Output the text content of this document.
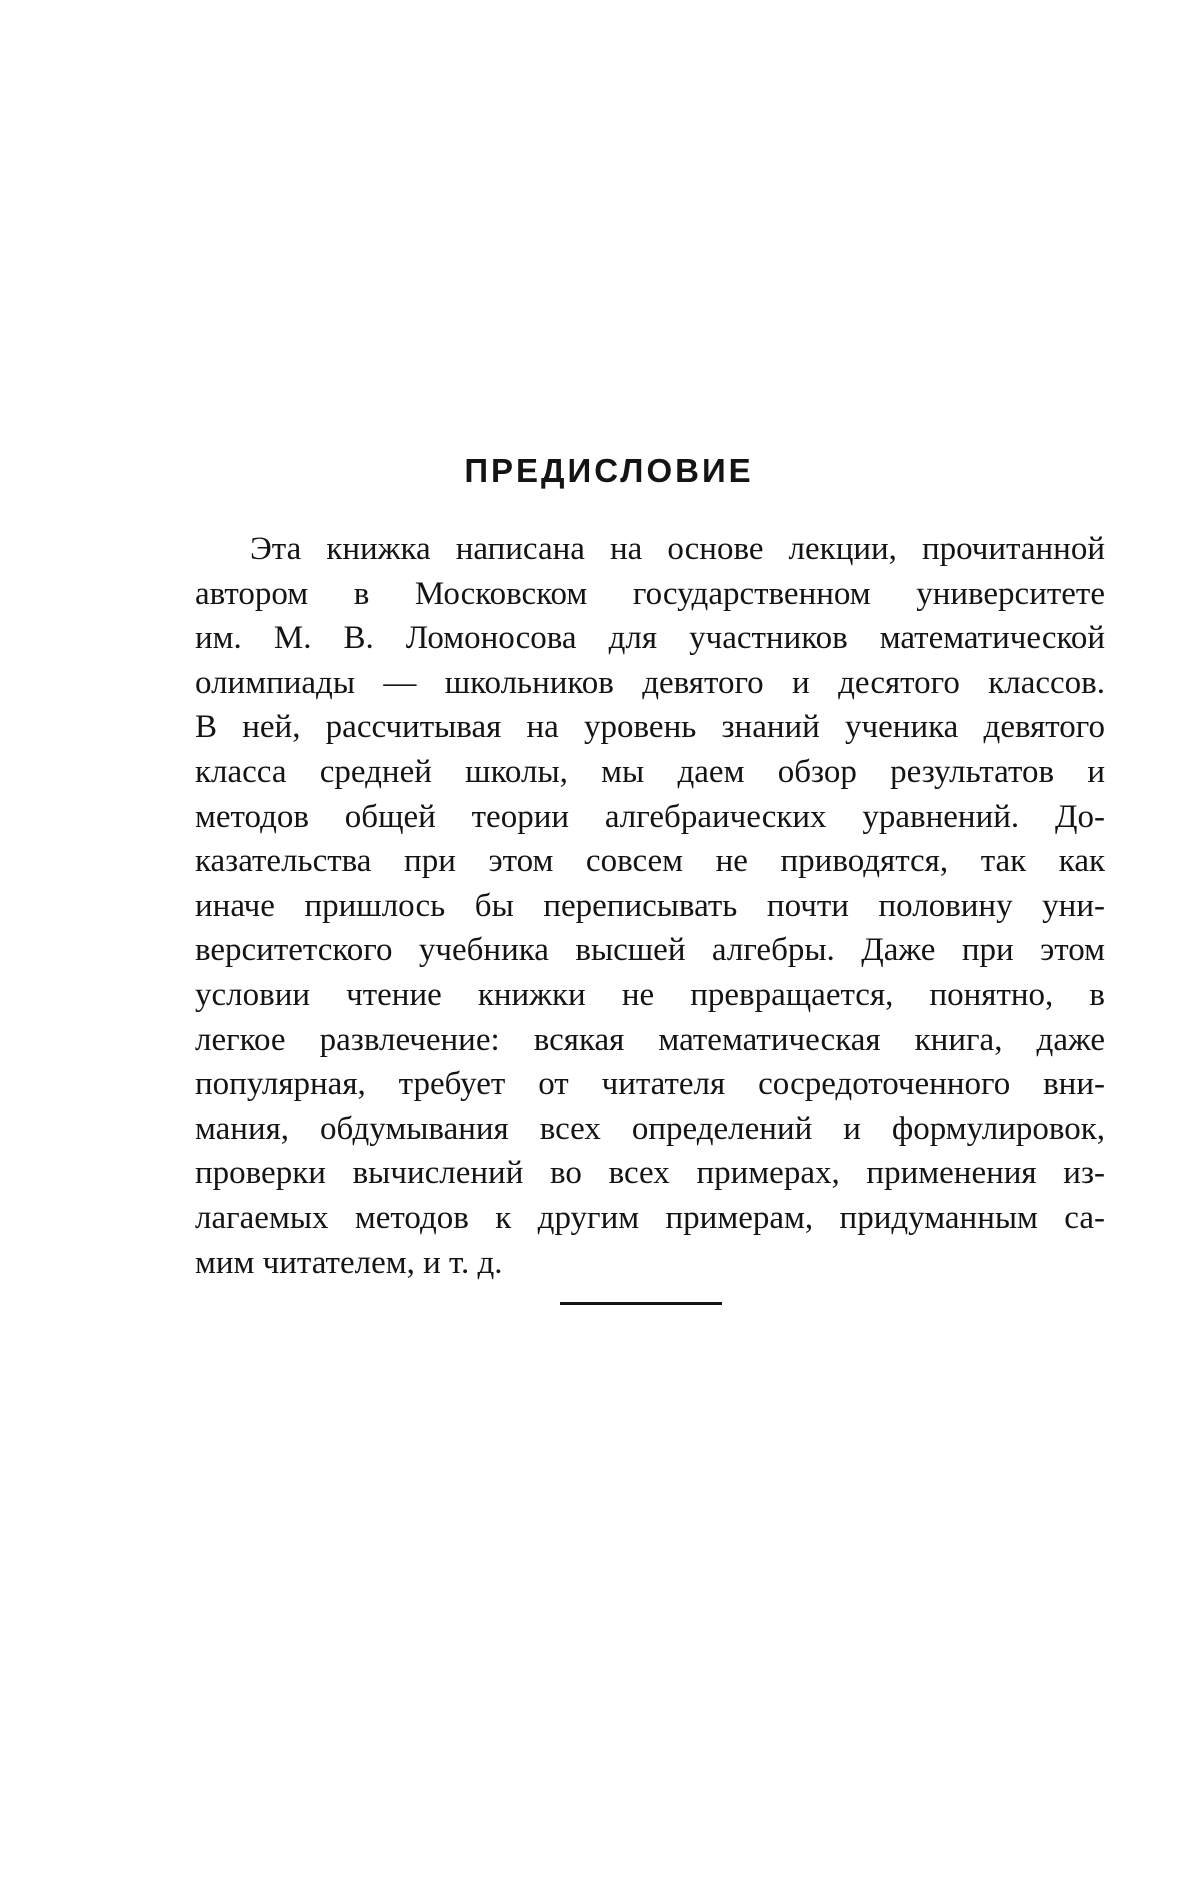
ПРЕДИСЛОВИЕ
Эта книжка написана на основе лекции, прочитанной
автором в Московском государственном университете
им. М. В. Ломоносова для участников математической
олимпиады — школьников девятого и десятого классов.
В ней, рассчитывая на уровень знаний ученика девятого
класса средней школы, мы даем обзор результатов и
методов общей теории алгебраических уравнений. До-
казательства при этом совсем не приводятся, так как
иначе пришлось бы переписывать почти половину уни-
верситетского учебника высшей алгебры. Даже при этом
условии чтение книжки не превращается, понятно, в
легкое развлечение: всякая математическая книга, даже
популярная, требует от читателя сосредоточенного вни-
мания, обдумывания всех определений и формулировок,
проверки вычислений во всех примерах, применения из-
лагаемых методов к другим примерам, придуманным са-
мим читателем, и т. д.
